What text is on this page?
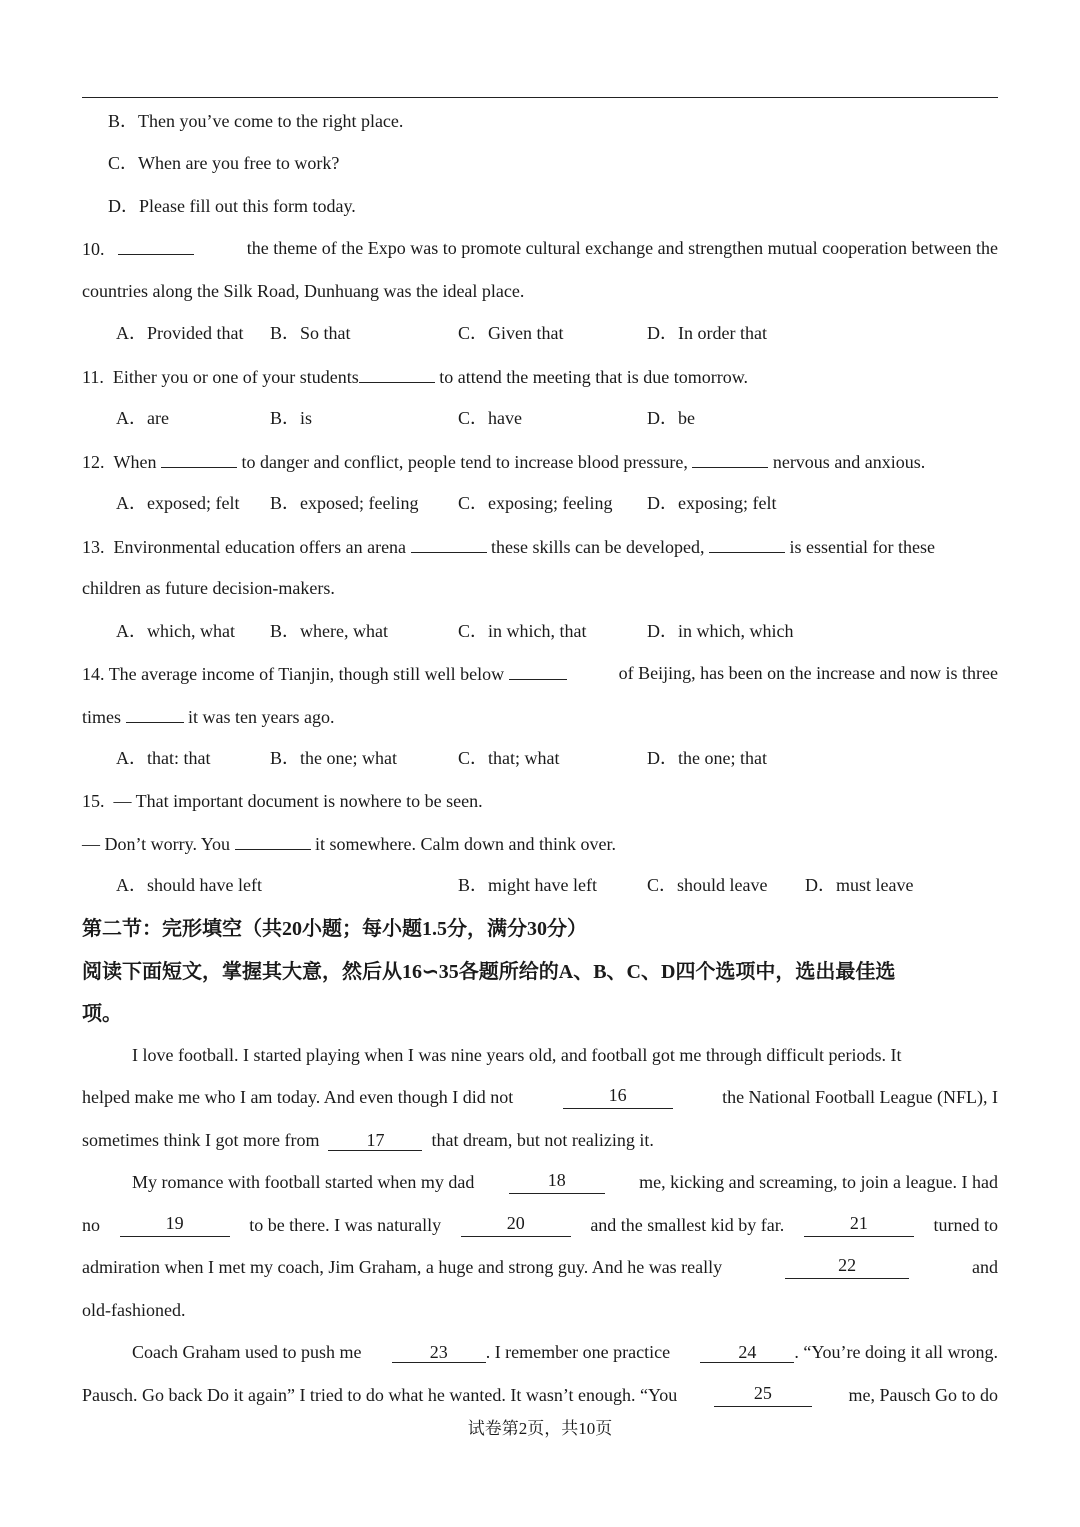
B．Then you’ve come to the right place.
C．When are you free to work?
D．Please fill out this form today.
10.	the theme of the Expo was to promote cultural exchange and strengthen mutual cooperation between the
countries along the Silk Road, Dunhuang was the ideal place.
A．Provided that B．So that	C．Given that	D．In order that
11. Either you or one of your students	to attend the meeting that is due tomorrow.
A．are	B．is	C．have	D．be
12. When	to danger and conflict, people tend to increase blood pressure,	nervous and anxious.
A．exposed; felt B．exposed; feeling C．exposing; feeling D．exposing; felt
13. Environmental education offers an arena	these skills can be developed,	is essential for these
children as future decision-makers.
A．which, what B．where, what	C．in which, that	D．in which, which
14. The average income of Tianjin, though still well below	of Beijing, has been on the increase and now is three
times	it was ten years ago.
A．that: that	B．the one; what	C．that; what	D．the one; that
15. — That important document is nowhere to be seen.
— Don’t worry. You	it somewhere. Calm down and think over.
A．should have left	B．might have left	C．should leave D．must leave
第二节：完形填空（共20小题；每小题1.5分，满分30分）
阅读下面短文，掌握其大意，然后从16∽35各题所给的A、B、C、D四个选项中，选出最佳选
项。
I love football. I started playing when I was nine years old, and football got me through difficult periods. It
helped make me who I am today. And even though I did not	16	the National Football League (NFL), I
sometimes think I got more from	17	that dream, but not realizing it.
My romance with football started when my dad	18	me, kicking and screaming, to join a league. I had
no	19	to be there. I was naturally	20	and the smallest kid by far.	21	turned to
admiration when I met my coach, Jim Graham, a huge and strong guy. And he was really	22	and
old-fashioned.
Coach Graham used to push me	23 . I remember one practice	24 . “You’re doing it all wrong.
Pausch. Go back Do it again” I tried to do what he wanted. It wasn’t enough. “You	25	me, Pausch Go to do
试卷第2页，共10页
